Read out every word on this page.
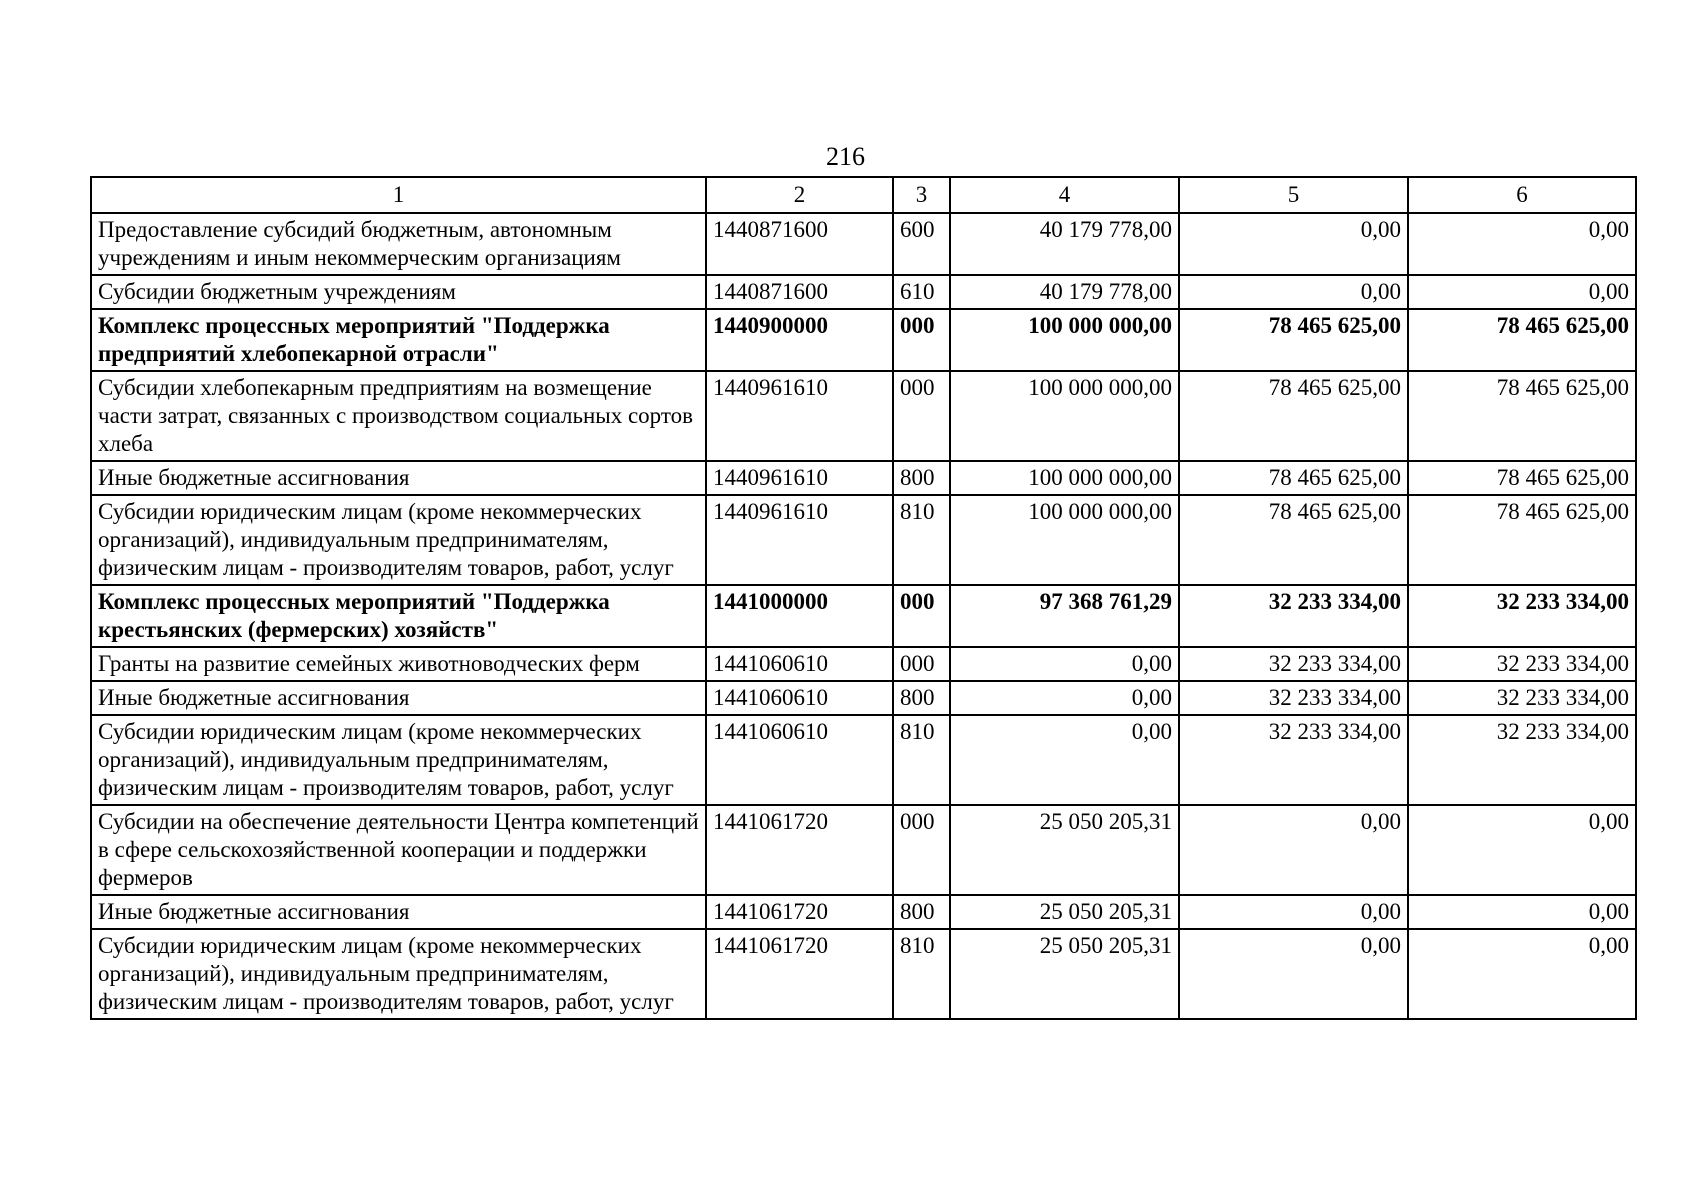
216
1	2	3	4	5	6
Предоставление субсидий бюджетным, автономным учреждениям и иным некоммерческим организациям	1440871600	600	40 179 778,00	0,00	0,00
Субсидии бюджетным учреждениям	1440871600	610	40 179 778,00	0,00	0,00
Комплекс процессных мероприятий "Поддержка предприятий хлебопекарной отрасли"	1440900000	000	100 000 000,00	78 465 625,00	78 465 625,00
Субсидии хлебопекарным предприятиям на возмещение части затрат, связанных с производством социальных сортов хлеба	1440961610	000	100 000 000,00	78 465 625,00	78 465 625,00
Иные бюджетные ассигнования	1440961610	800	100 000 000,00	78 465 625,00	78 465 625,00
Субсидии юридическим лицам (кроме некоммерческих организаций), индивидуальным предпринимателям, физическим лицам - производителям товаров, работ, услуг	1440961610	810	100 000 000,00	78 465 625,00	78 465 625,00
Комплекс процессных мероприятий "Поддержка крестьянских (фермерских) хозяйств"	1441000000	000	97 368 761,29	32 233 334,00	32 233 334,00
Гранты на развитие семейных животноводческих ферм	1441060610	000	0,00	32 233 334,00	32 233 334,00
Иные бюджетные ассигнования	1441060610	800	0,00	32 233 334,00	32 233 334,00
Субсидии юридическим лицам (кроме некоммерческих организаций), индивидуальным предпринимателям, физическим лицам - производителям товаров, работ, услуг	1441060610	810	0,00	32 233 334,00	32 233 334,00
Субсидии на обеспечение деятельности Центра компетенций в сфере сельскохозяйственной кооперации и поддержки фермеров	1441061720	000	25 050 205,31	0,00	0,00
Иные бюджетные ассигнования	1441061720	800	25 050 205,31	0,00	0,00
Субсидии юридическим лицам (кроме некоммерческих организаций), индивидуальным предпринимателям, физическим лицам - производителям товаров, работ, услуг	1441061720	810	25 050 205,31	0,00	0,00
